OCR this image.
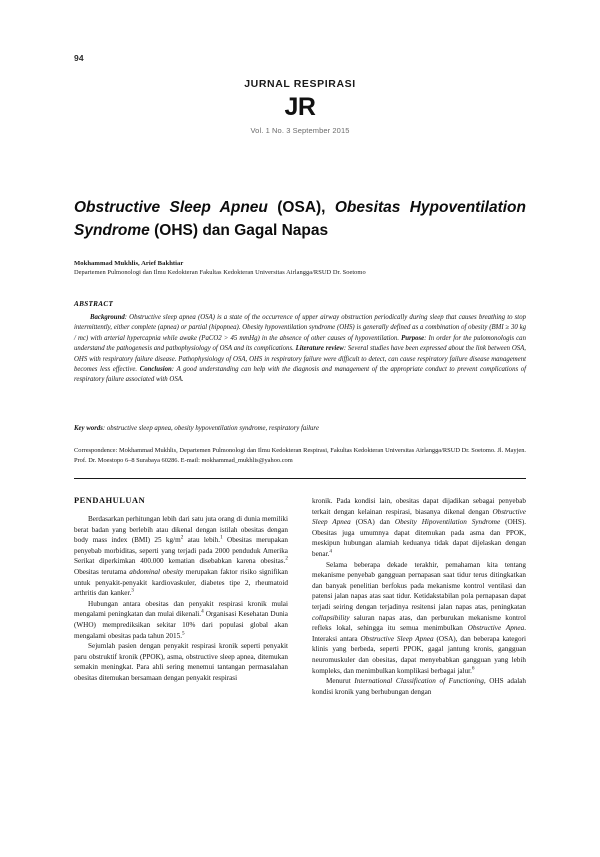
94
JURNAL RESPIRASI
JR
Vol. 1 No. 3 September 2015
Obstructive Sleep Apneu (OSA), Obesitas Hypoventilation Syndrome (OHS) dan Gagal Napas
Mokhammad Mukhlis, Arief Bakhtiar
Departemen Pulmonologi dan Ilmu Kedokteran Fakultas Kedokteran Universitas Airlangga/RSUD Dr. Soetomo
ABSTRACT

Background: Obstructive sleep apnea (OSA) is a state of the occurrence of upper airway obstruction periodically during sleep that causes breathing to stop intermittently, either complete (apnea) or partial (hipopnea). Obesity hypoventilation syndrome (OHS) is generally defined as a combination of obesity (BMI ≥ 30 kg / mc) with arterial hypercapnia while awake (PaCO2 > 45 mmHg) in the absence of other causes of hypoventilation. Purpose: In order for the pulomonologis can understand the pathogenesis and pathophysiology of OSA and its complications. Literature review: Several studies have been expressed about the link between OSA, OHS with respiratory failure disease. Pathophysiology of OSA, OHS in respiratory failure were difficult to detect, can cause respiratory failure disease management becomes less effective. Conclusion: A good understanding can help with the diagnosis and management of the appropriate conduct to prevent complications of respiratory failure associated with OSA.

Key words: obstructive sleep apnea, obesity hypoventilation syndrome, respiratory failure
Correspondence: Mokhammad Mukhlis, Departemen Pulmonologi dan Ilmu Kedokteran Respirasi, Fakultas Kedokteran Universitas Airlangga/RSUD Dr. Soetomo. Jl. Mayjen. Prof. Dr. Moestopo 6–8 Surabaya 60286. E-mail: mokhammad_mukhlis@yahoo.com
PENDAHULUAN

Berdasarkan perhitungan lebih dari satu juta orang di dunia memiliki berat badan yang berlebih atau dikenal dengan istilah obesitas dengan body mass index (BMI) 25 $kg/m^2$ atau lebih.$^1$ Obesitas merupakan penyebab morbiditas, seperti yang terjadi pada 2000 penduduk Amerika Serikat diperkimkan 400.000 kematian disebabkan karena obesitas.$^2$ Obesitas terutama abdominal obesity merupakan faktor risiko signifikan untuk penyakit-penyakit kardiovaskuler, diabetes tipe 2, rheumatoid arthritis dan kanker.$^3$

Hubungan antara obesitas dan penyakit respirasi kronik mulai mengalami peningkatan dan mulai dikenali.$^4$ Organisasi Kesehatan Dunia (WHO) memprediksikan sekitar 10% dari populasi global akan mengalami obesitas pada tahun 2015.$^5$

Sejumlah pasien dengan penyakit respirasi kronik seperti penyakit paru obstruktif kronik (PPOK), asma, obstructive sleep apnea, ditemukan semakin meningkat. Para ahli sering menemui tantangan permasalahan obesitas ditemukan bersamaan dengan penyakit respirasi

kronik. Pada kondisi lain, obesitas dapat dijadikan sebagai penyebab terkait dengan kelainan respirasi, biasanya dikenal dengan Obstructive Sleep Apnea (OSA) dan Obesity Hipoventilation Syndrome (OHS). Obesitas juga umumnya dapat ditemukan pada asma dan PPOK, meskipun hubungan alamiah keduanya tidak dapat dijelaskan dengan benar.$^4$

Selama beberapa dekade terakhir, pemahaman kita tentang mekanisme penyebab gangguan pernapasan saat tidur terus ditingkatkan dan banyak penelitian berfokus pada mekanisme kontrol ventilasi dan patensi jalan napas atas saat tidur. Ketidakstabilan pola pernapasan dapat terjadi seiring dengan terjadinya resitensi jalan napas atas, peningkatan collapsibility saluran napas atas, dan perburukan mekanisme kontrol refleks lokal, sehingga itu semua menimbulkan Obstructive Apnea. Interaksi antara Obstructive Sleep Apnea (OSA), dan beberapa kategori klinis yang berbeda, seperti PPOK, gagal jantung kronis, gangguan neuromuskuler dan obesitas, dapat menyebabkan gangguan yang lebih kompleks, dan menimbulkan komplikasi berbagai jalur.$^6$

Menurut International Classification of Functioning, OHS adalah kondisi kronik yang berhubungan dengan
